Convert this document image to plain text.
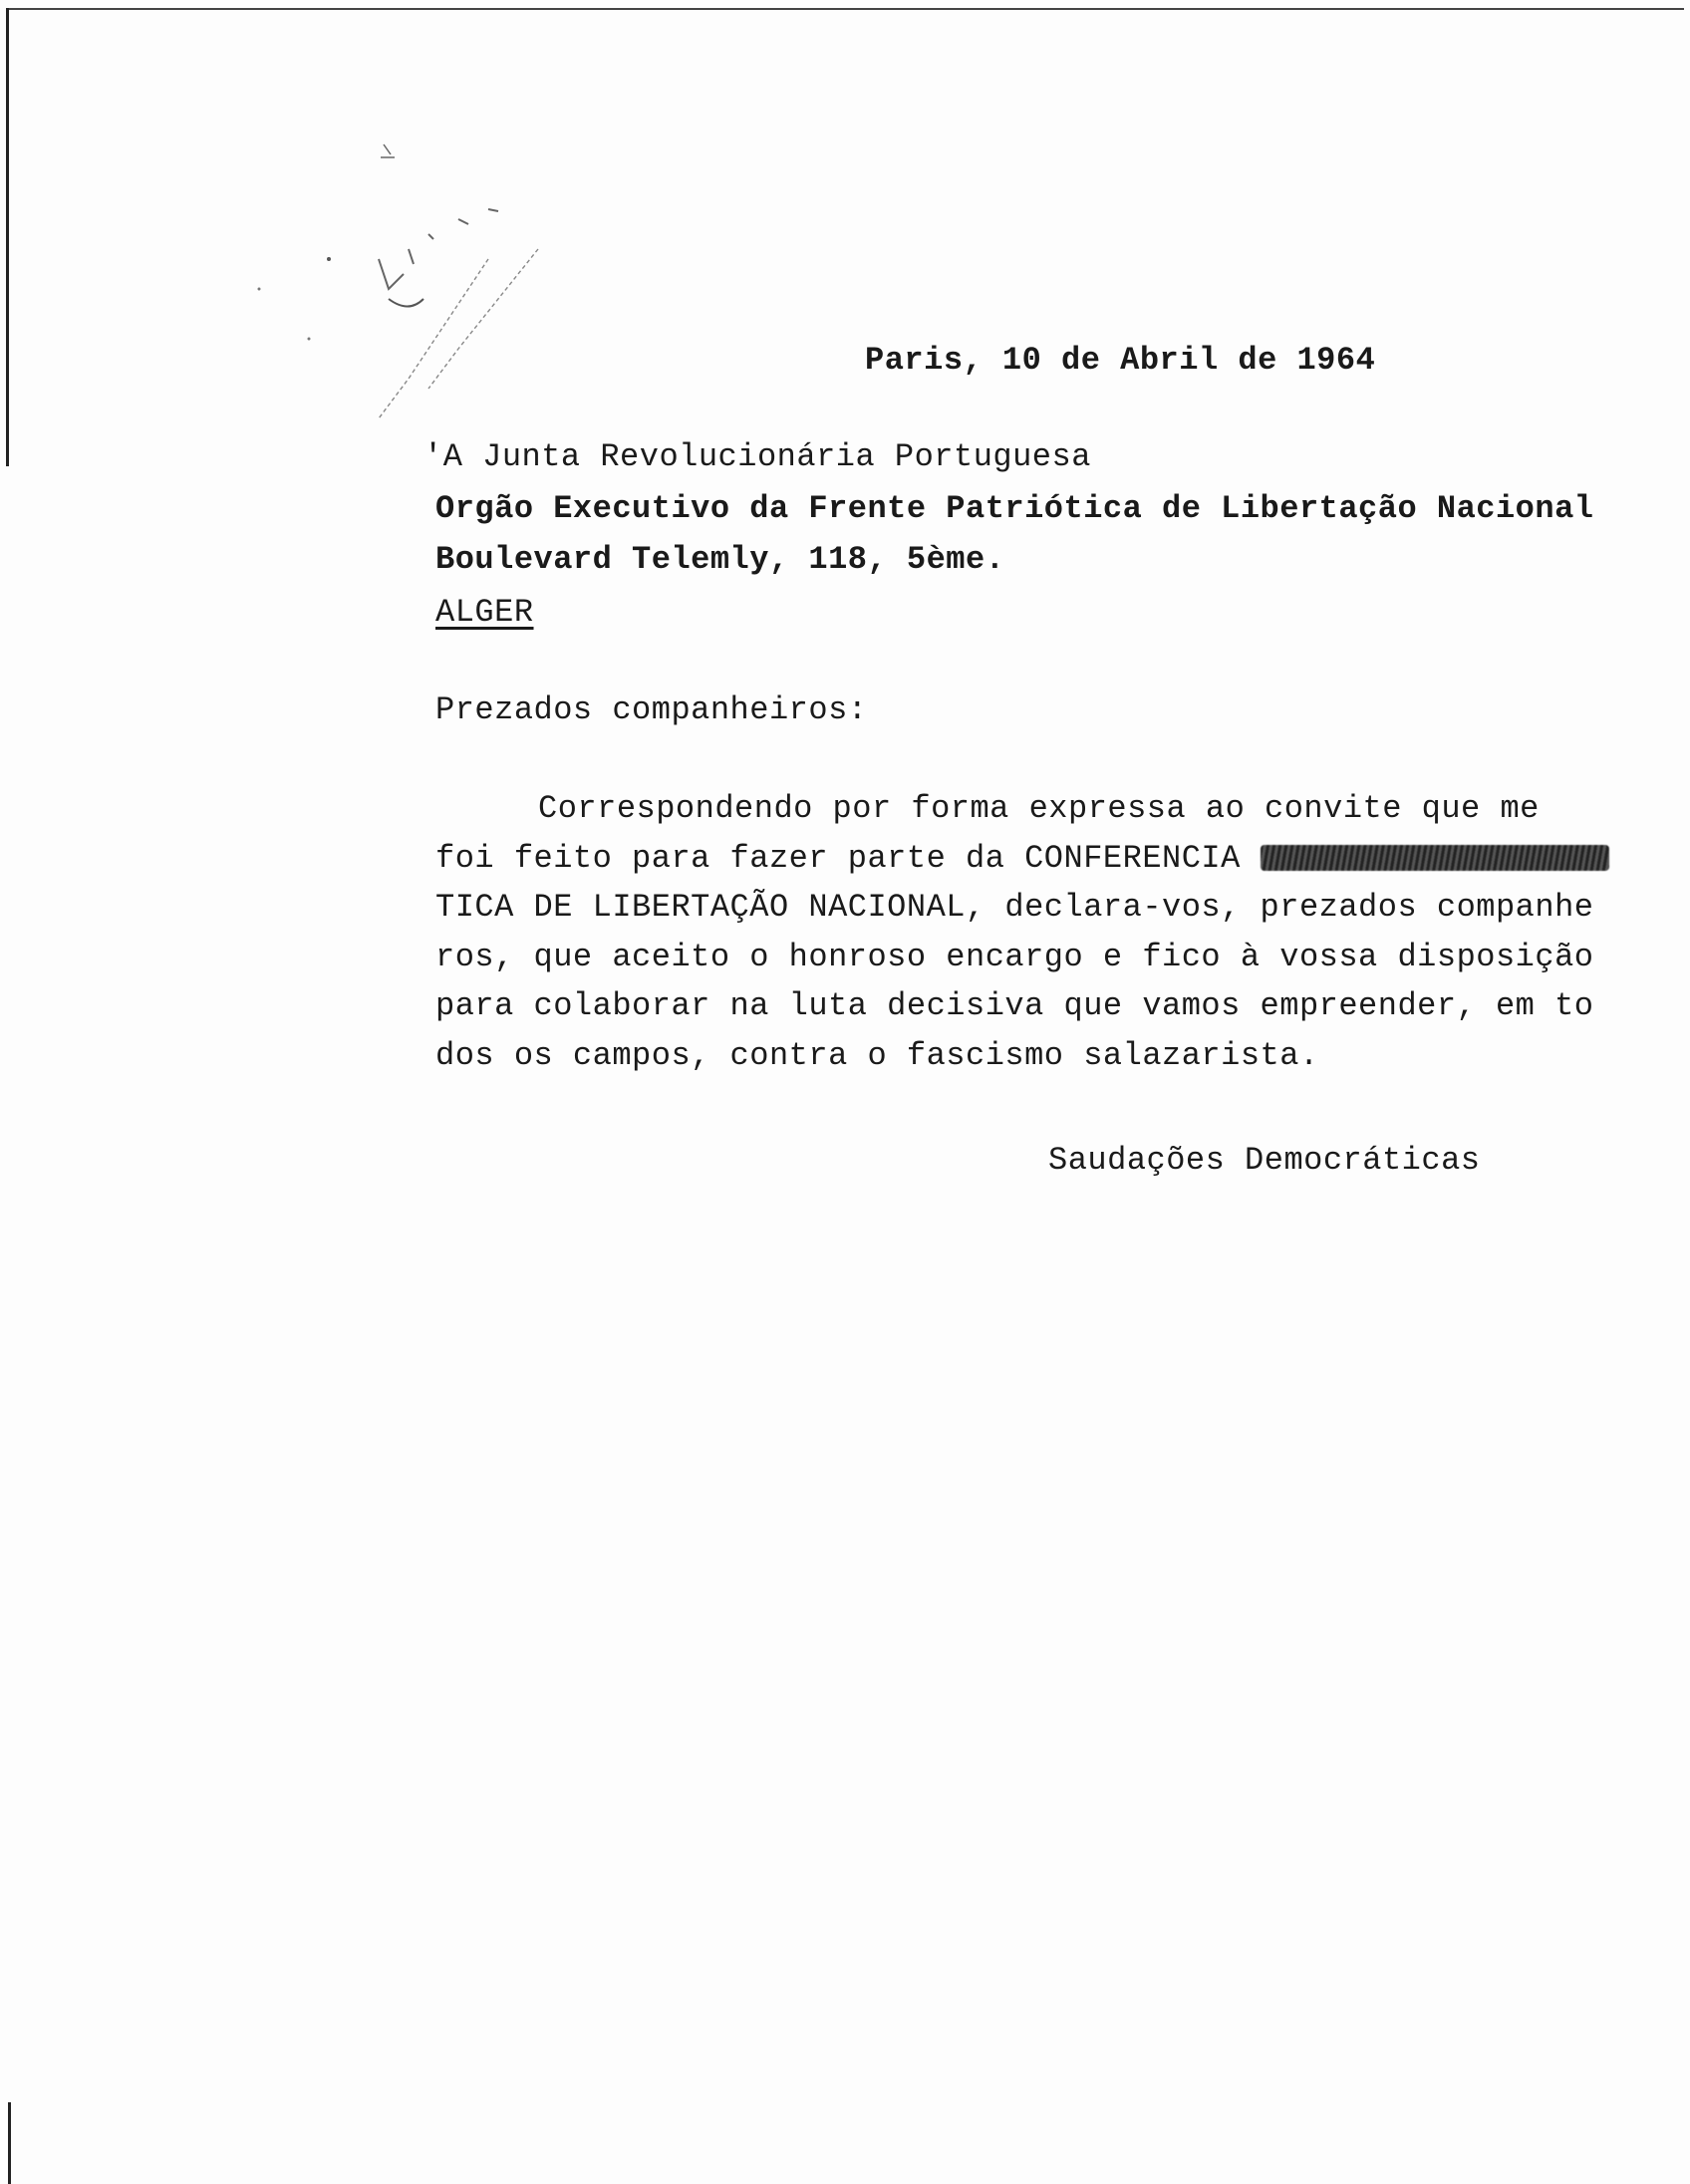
Paris, 10 de Abril de 1964
'A Junta Revolucionária Portuguesa
Orgão Executivo da Frente Patriótica de Libertação Nacional
Boulevard Telemly, 118, 5ème.
ALGER
Prezados companheiros:
Correspondendo por forma expressa ao convite que me
foi feito para fazer parte da CONFERENCIA
TICA DE LIBERTAÇÃO NACIONAL, declara-vos, prezados companhe
ros, que aceito o honroso encargo e fico à vossa disposição
para colaborar na luta decisiva que vamos empreender, em to
dos os campos, contra o fascismo salazarista.
Saudações Democráticas
